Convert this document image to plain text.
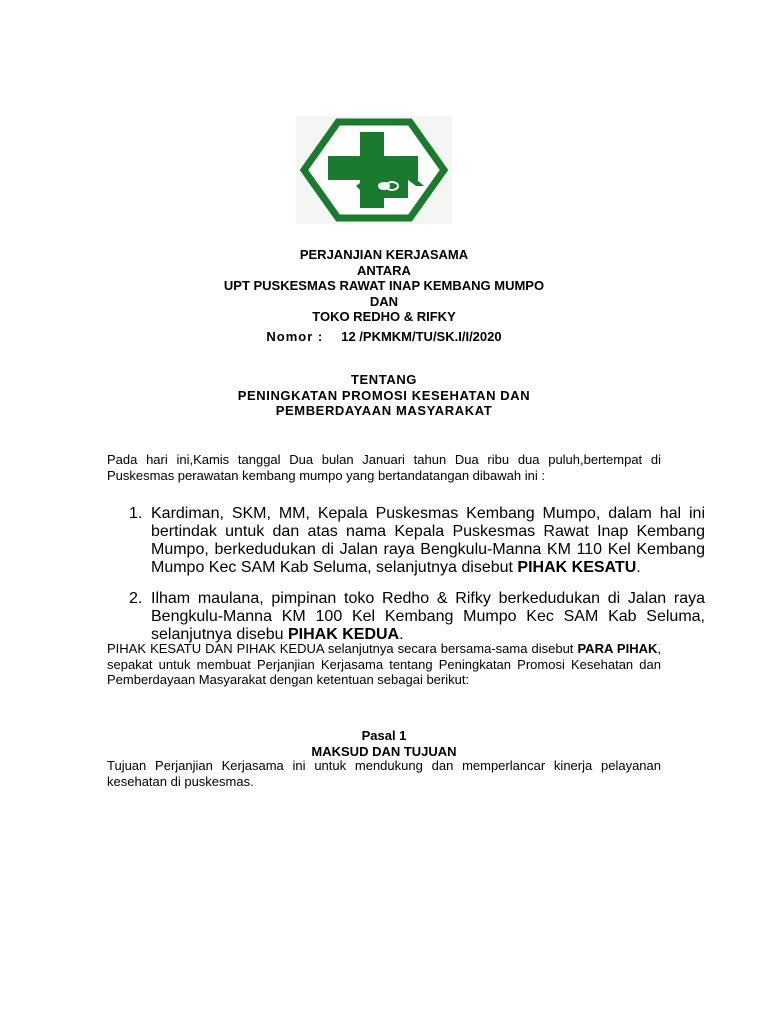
PERJANJIAN KERJASAMA
ANTARA
UPT PUSKESMAS RAWAT INAP KEMBANG MUMPO
DAN
TOKO REDHO & RIFKY
Nomor : 12 /PKMKM/TU/SK.I/I/2020
TENTANG
PENINGKATAN PROMOSI KESEHATAN DAN
PEMBERDAYAAN MASYARAKAT
Pada hari ini,Kamis tanggal Dua bulan Januari tahun Dua ribu dua puluh,bertempat di Puskesmas perawatan kembang mumpo yang bertandatangan dibawah ini :
1. Kardiman, SKM, MM, Kepala Puskesmas Kembang Mumpo, dalam hal ini bertindak untuk dan atas nama Kepala Puskesmas Rawat Inap Kembang Mumpo, berkedudukan di Jalan raya Bengkulu-Manna KM 110 Kel Kembang Mumpo Kec SAM Kab Seluma, selanjutnya disebut PIHAK KESATU.
2. Ilham maulana, pimpinan toko Redho & Rifky berkedudukan di Jalan raya Bengkulu-Manna KM 100 Kel Kembang Mumpo Kec SAM Kab Seluma, selanjutnya disebu PIHAK KEDUA.
PIHAK KESATU DAN PIHAK KEDUA selanjutnya secara bersama-sama disebut PARA PIHAK, sepakat untuk membuat Perjanjian Kerjasama tentang Peningkatan Promosi Kesehatan dan Pemberdayaan Masyarakat dengan ketentuan sebagai berikut:
Pasal 1
MAKSUD DAN TUJUAN
Tujuan Perjanjian Kerjasama ini untuk mendukung dan memperlancar kinerja pelayanan kesehatan di puskesmas.
